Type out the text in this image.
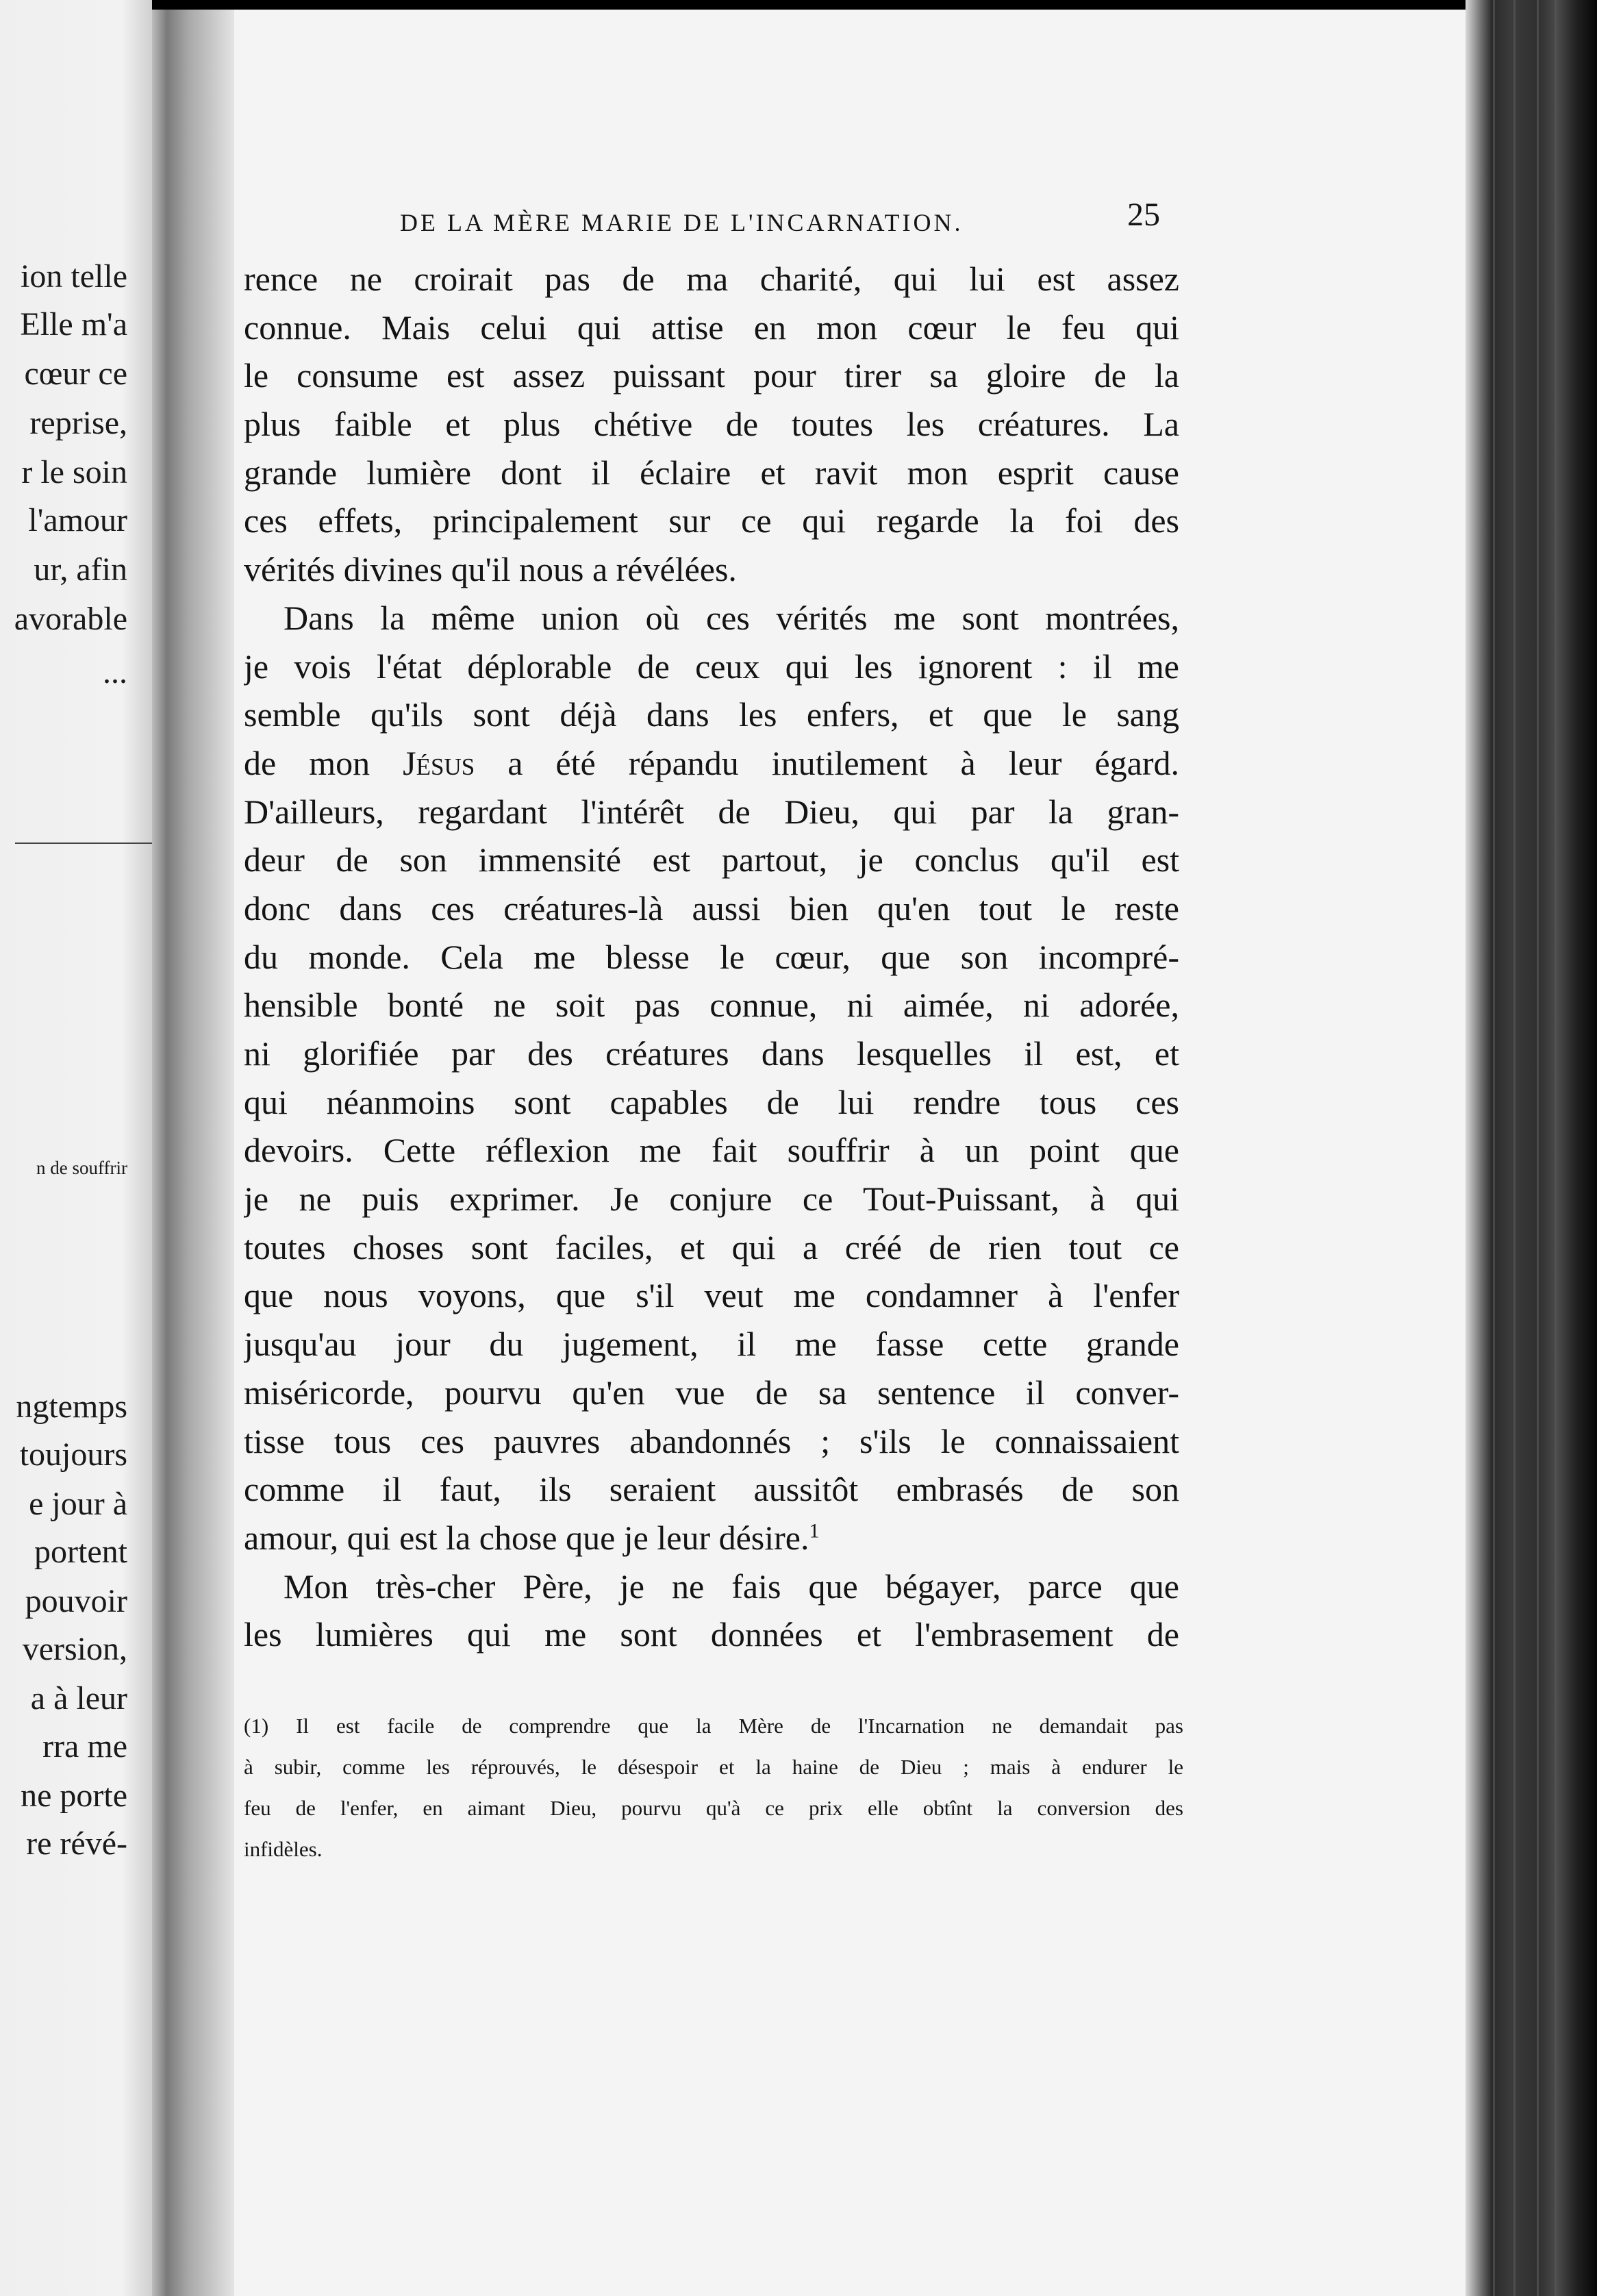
ion telle
Elle m'a
cœur ce
reprise,
r le soin
l'amour
ur, afin
avorable
...
n de souffrir
ngtemps
toujours
e jour à
portent
pouvoir
version,
a à leur
rra me
ne porte
re révé-
DE LA MÈRE MARIE DE L'INCARNATION.	25
rence ne croirait pas de ma charité, qui lui est assez
connue. Mais celui qui attise en mon cœur le feu qui
le consume est assez puissant pour tirer sa gloire de la
plus faible et plus chétive de toutes les créatures. La
grande lumière dont il éclaire et ravit mon esprit cause
ces effets, principalement sur ce qui regarde la foi des
vérités divines qu'il nous a révélées.
Dans la même union où ces vérités me sont montrées,
je vois l'état déplorable de ceux qui les ignorent : il me
semble qu'ils sont déjà dans les enfers, et que le sang
de mon Jésus a été répandu inutilement à leur égard.
D'ailleurs, regardant l'intérêt de Dieu, qui par la gran-
deur de son immensité est partout, je conclus qu'il est
donc dans ces créatures-là aussi bien qu'en tout le reste
du monde. Cela me blesse le cœur, que son incompré-
hensible bonté ne soit pas connue, ni aimée, ni adorée,
ni glorifiée par des créatures dans lesquelles il est, et
qui néanmoins sont capables de lui rendre tous ces
devoirs. Cette réflexion me fait souffrir à un point que
je ne puis exprimer. Je conjure ce Tout-Puissant, à qui
toutes choses sont faciles, et qui a créé de rien tout ce
que nous voyons, que s'il veut me condamner à l'enfer
jusqu'au jour du jugement, il me fasse cette grande
miséricorde, pourvu qu'en vue de sa sentence il conver-
tisse tous ces pauvres abandonnés ; s'ils le connaissaient
comme il faut, ils seraient aussitôt embrasés de son
amour, qui est la chose que je leur désire.$^1$
Mon très-cher Père, je ne fais que bégayer, parce que
les lumières qui me sont données et l'embrasement de
(1) Il est facile de comprendre que la Mère de l'Incarnation ne demandait pas
à subir, comme les réprouvés, le désespoir et la haine de Dieu ; mais à endurer le
feu de l'enfer, en aimant Dieu, pourvu qu'à ce prix elle obtînt la conversion des
infidèles.
